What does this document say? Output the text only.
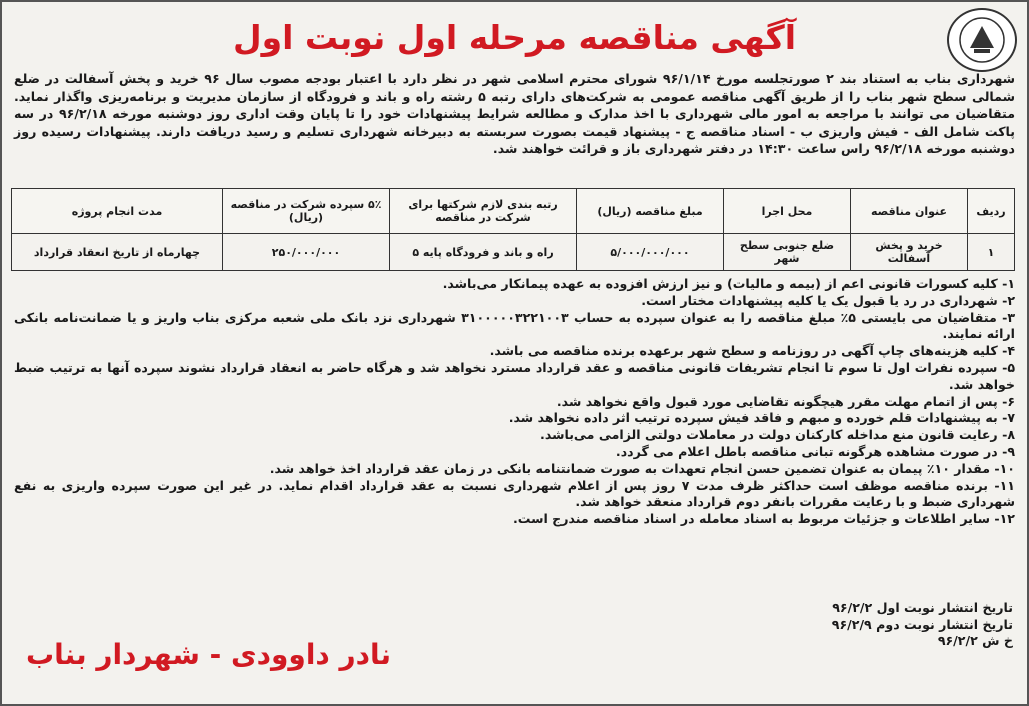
آگهی مناقصه مرحله اول نوبت اول

شهرداری بناب به استناد بند ۲ صورتجلسه مورخ ۹۶/۱/۱۴ شورای محترم اسلامی شهر در نظر دارد با اعتبار بودجه مصوب سال ۹۶ خرید و پخش آسفالت در ضلع شمالی سطح شهر بناب را از طریق آگهی مناقصه عمومی به شرکت‌های دارای رتبه ۵ رشته راه و باند و فرودگاه از سازمان مدیریت و برنامه‌ریزی واگذار نماید. متقاضیان می توانند با مراجعه به امور مالی شهرداری با اخذ مدارک و مطالعه شرایط پیشنهادات خود را تا پایان وقت اداری روز دوشنبه مورخه ۹۶/۲/۱۸ در سه پاکت شامل الف - فیش واریزی ب - اسناد مناقصه ج - پیشنهاد قیمت بصورت سربسته به دبیرخانه شهرداری تسلیم و رسید دریافت دارند. پیشنهادات رسیده روز دوشنبه مورخه ۹۶/۲/۱۸ راس ساعت ۱۴:۳۰ در دفتر شهرداری باز و قرائت خواهند شد.

ردیف	عنوان مناقصه	محل اجرا	مبلغ مناقصه (ریال)	رتبه بندی لازم شرکتها برای شرکت در مناقصه	۵٪ سپرده شرکت در مناقصه (ریال)	مدت انجام پروژه
۱	خرید و پخش آسفالت	ضلع جنوبی سطح شهر	۵/۰۰۰/۰۰۰/۰۰۰	راه و باند و فرودگاه پایه ۵	۲۵۰/۰۰۰/۰۰۰	چهارماه از تاریخ انعقاد قرارداد
۱- کلیه کسورات قانونی اعم از (بیمه و مالیات) و نیز ارزش افزوده به عهده پیمانکار می‌باشد.
۲- شهرداری در رد یا قبول یک یا کلیه پیشنهادات مختار است.
۳- متقاضیان می بایستی ۵٪ مبلغ مناقصه را به عنوان سپرده به حساب ۳۱۰۰۰۰۰۳۲۲۱۰۰۳ شهرداری نزد بانک ملی شعبه مرکزی بناب واریز و یا ضمانت‌نامه بانکی ارائه نمایند.
۴- کلیه هزینه‌های چاپ آگهی در روزنامه و سطح شهر برعهده برنده مناقصه می باشد.
۵- سپرده نفرات اول تا سوم تا انجام تشریفات قانونی مناقصه و عقد قرارداد مسترد نخواهد شد و هرگاه حاضر به انعقاد قرارداد نشوند سپرده آنها به ترتیب ضبط خواهد شد.
۶- پس از اتمام مهلت مقرر هیچگونه تقاضایی مورد قبول واقع نخواهد شد.
۷- به پیشنهادات قلم خورده و مبهم و فاقد فیش سپرده ترتیب اثر داده نخواهد شد.
۸- رعایت قانون منع مداخله کارکنان دولت در معاملات دولتی الزامی می‌باشد.
۹- در صورت مشاهده هرگونه تبانی مناقصه باطل اعلام می گردد.
۱۰- مقدار ۱۰٪ پیمان به عنوان تضمین حسن انجام تعهدات به صورت ضمانتنامه بانکی در زمان عقد قرارداد اخذ خواهد شد.
۱۱- برنده مناقصه موظف است حداکثر ظرف مدت ۷ روز پس از اعلام شهرداری نسبت به عقد قرارداد اقدام نماید. در غیر این صورت سپرده واریزی به نفع شهرداری ضبط و با رعایت مقررات بانفر دوم قرارداد منعقد خواهد شد.
۱۲- سایر اطلاعات و جزئیات مربوط به اسناد معامله در اسناد مناقصه مندرج است.
تاریخ انتشار نوبت اول ۹۶/۲/۲
تاریخ انتشار نوبت دوم ۹۶/۲/۹
خ ش ۹۶/۲/۲
نادر داوودی - شهردار بناب
